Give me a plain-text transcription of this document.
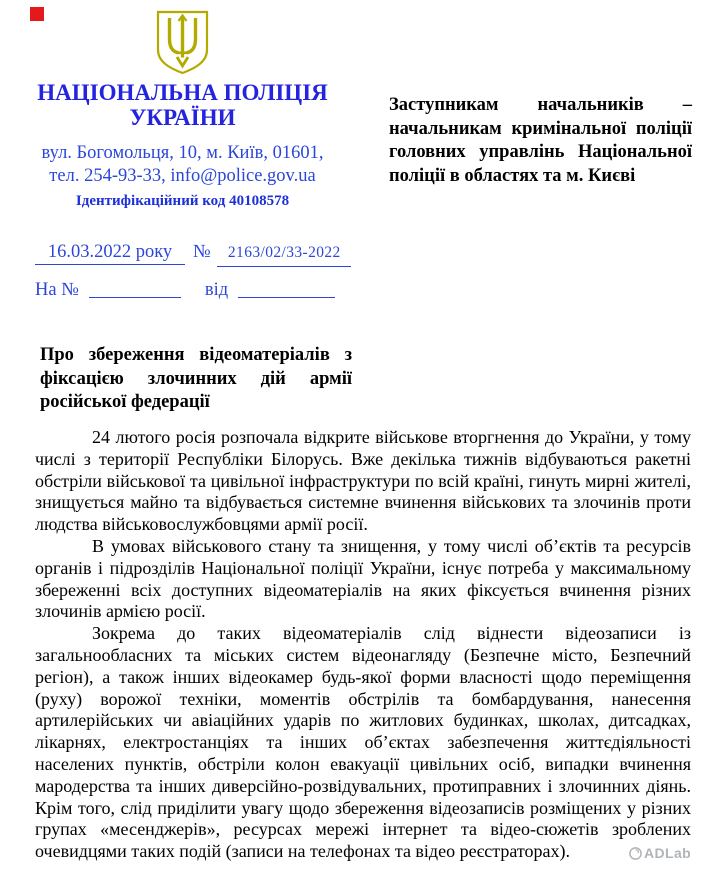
НАЦІОНАЛЬНА ПОЛІЦІЯ УКРАЇНИ
вул. Богомольця, 10, м. Київ, 01601,
тел. 254-93-33, info@police.gov.ua
Ідентифікаційний код 40108578
Заступникам начальників – начальникам кримінальної поліції головних управлінь Національної поліції в областях та м. Києві
16.03.2022 року № 2163/02/33-2022
На №	від
Про збереження відеоматеріалів з фіксацією злочинних дій армії російської федерації

24 лютого росія розпочала відкрите військове вторгнення до України, у тому числі з території Республіки Білорусь. Вже декілька тижнів відбуваються ракетні обстріли військової та цивільної інфраструктури по всій країні, гинуть мирні жителі, знищується майно та відбувається системне вчинення військових та злочинів проти людства військовослужбовцями армії росії.

В умовах військового стану та знищення, у тому числі об’єктів та ресурсів органів і підрозділів Національної поліції України, існує потреба у максимальному збереженні всіх доступних відеоматеріалів на яких фіксується вчинення різних злочинів армією росії.

Зокрема до таких відеоматеріалів слід віднести відеозаписи із загальнообласних та міських систем відеонагляду (Безпечне місто, Безпечний регіон), а також інших відеокамер будь-якої форми власності щодо переміщення (руху) ворожої техніки, моментів обстрілів та бомбардування, нанесення артилерійських чи авіаційних ударів по житлових будинках, школах, дитсадках, лікарнях, електростанціях та інших об’єктах забезпечення життєдіяльності населених пунктів, обстріли колон евакуації цивільних осіб, випадки вчинення мародерства та інших диверсійно-розвідувальних, протиправних і злочинних діянь. Крім того, слід приділити увагу щодо збереження відеозаписів розміщених у різних групах «месенджерів», ресурсах мережі інтернет та відео-сюжетів зроблених очевидцями таких подій (записи на телефонах та відео реєстраторах).	ADLab
